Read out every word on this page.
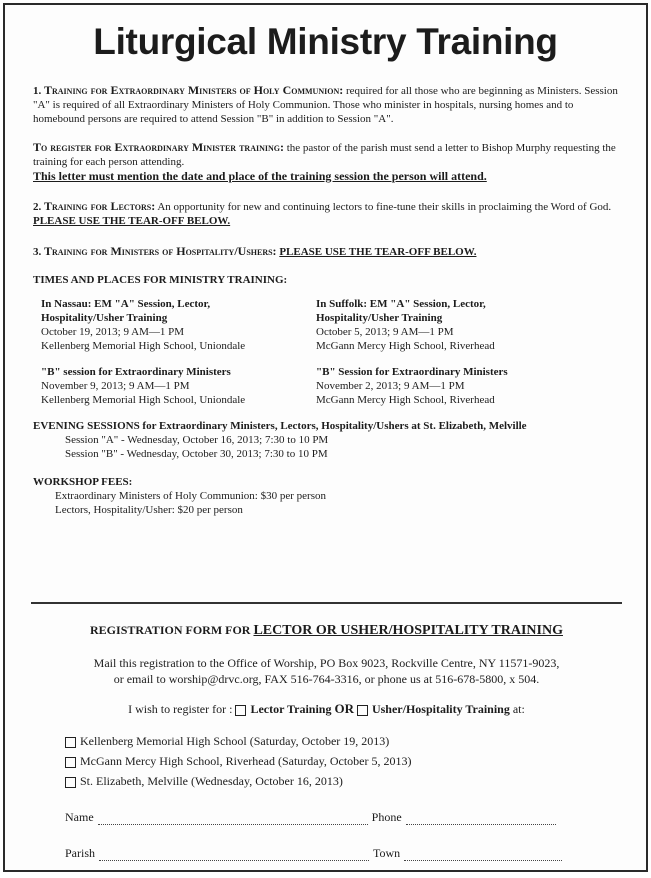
Liturgical Ministry Training

1. Training for Extraordinary Ministers of Holy Communion: required for all those who are beginning as Ministers. Session "A" is required of all Extraordinary Ministers of Holy Communion. Those who minister in hospitals, nursing homes and to homebound persons are required to attend Session "B" in addition to Session "A".

To register for Extraordinary Minister training: the pastor of the parish must send a letter to Bishop Murphy requesting the training for each person attending.

This letter must mention the date and place of the training session the person will attend.

2. Training for Lectors: An opportunity for new and continuing lectors to fine-tune their skills in proclaiming the Word of God. PLEASE USE THE TEAR-OFF BELOW.

3. Training for Ministers of Hospitality/Ushers: PLEASE USE THE TEAR-OFF BELOW.

TIMES AND PLACES FOR MINISTRY TRAINING:

In Nassau: EM "A" Session, Lector,

Hospitality/Usher Training

October 19, 2013; 9 AM—1 PM

Kellenberg Memorial High School, Uniondale

"B" session for Extraordinary Ministers

November 9, 2013; 9 AM—1 PM

Kellenberg Memorial High School, Uniondale

In Suffolk: EM "A" Session, Lector,

Hospitality/Usher Training

October 5, 2013; 9 AM—1 PM

McGann Mercy High School, Riverhead

"B" Session for Extraordinary Ministers

November 2, 2013; 9 AM—1 PM

McGann Mercy High School, Riverhead

EVENING SESSIONS for Extraordinary Ministers, Lectors, Hospitality/Ushers at St. Elizabeth, Melville

Session "A" - Wednesday, October 16, 2013; 7:30 to 10 PM

Session "B" - Wednesday, October 30, 2013; 7:30 to 10 PM

WORKSHOP FEES:

Extraordinary Ministers of Holy Communion: $30 per person

Lectors, Hospitality/Usher: $20 per person

REGISTRATION FORM FOR LECTOR OR USHER/HOSPITALITY TRAINING

Mail this registration to the Office of Worship, PO Box 9023, Rockville Centre, NY 11571-9023,

or email to worship@drvc.org, FAX 516-764-3316, or phone us at 516-678-5800, x 504.

I wish to register for : Lector Training OR Usher/Hospitality Training at:

Kellenberg Memorial High School (Saturday, October 19, 2013)
McGann Mercy High School, Riverhead (Saturday, October 5, 2013)
St. Elizabeth, Melville (Wednesday, October 16, 2013)
Name	Phone
Parish	Town
